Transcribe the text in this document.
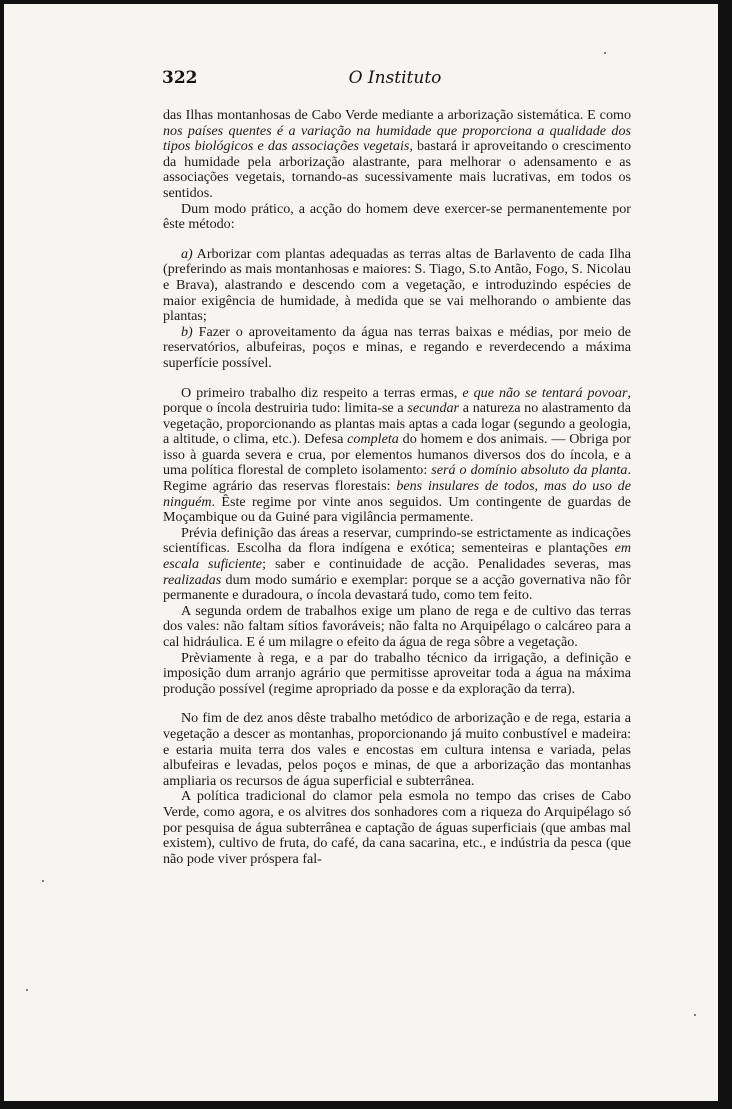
322	O Instituto

das Ilhas montanhosas de Cabo Verde mediante a arborização sistemática. E como nos países quentes é a variação na humidade que proporciona a qualidade dos tipos biológicos e das associações vegetais, bastará ir aproveitando o crescimento da humidade pela arborização alastrante, para melhorar o adensamento e as associações vegetais, tornando-as sucessivamente mais lucrativas, em todos os sentidos.

Dum modo prático, a acção do homem deve exercer-se permanentemente por êste método:

a) Arborizar com plantas adequadas as terras altas de Barlavento de cada Ilha (preferindo as mais montanhosas e maiores: S. Tiago, S.to Antão, Fogo, S. Nicolau e Brava), alastrando e descendo com a vegetação, e introduzindo espécies de maior exigência de humidade, à medida que se vai melhorando o ambiente das plantas;

b) Fazer o aproveitamento da água nas terras baixas e médias, por meio de reservatórios, albufeiras, poços e minas, e regando e reverdecendo a máxima superfície possível.

O primeiro trabalho diz respeito a terras ermas, e que não se tentará povoar, porque o íncola destruiria tudo: limita-se a secundar a natureza no alastramento da vegetação, proporcionando as plantas mais aptas a cada logar (segundo a geologia, a altitude, o clima, etc.). Defesa completa do homem e dos animais. — Obriga por isso à guarda severa e crua, por elementos humanos diversos dos do íncola, e a uma política florestal de completo isolamento: será o domínio absoluto da planta. Regime agrário das reservas florestais: bens insulares de todos, mas do uso de ninguém. Êste regime por vinte anos seguidos. Um contingente de guardas de Moçambique ou da Guiné para vigilância permamente.

Prévia definição das áreas a reservar, cumprindo-se estrictamente as indicações scientíficas. Escolha da flora indígena e exótica; sementeiras e plantações em escala suficiente; saber e continuidade de acção. Penalidades severas, mas realizadas dum modo sumário e exemplar: porque se a acção governativa não fôr permanente e duradoura, o íncola devastará tudo, como tem feito.

A segunda ordem de trabalhos exige um plano de rega e de cultivo das terras dos vales: não faltam sítios favoráveis; não falta no Arquipélago o calcáreo para a cal hidráulica. E é um milagre o efeito da água de rega sôbre a vegetação.

Prèviamente à rega, e a par do trabalho técnico da irrigação, a definição e imposição dum arranjo agrário que permitisse aproveitar toda a água na máxima produção possível (regime apropriado da posse e da exploração da terra).

No fim de dez anos dêste trabalho metódico de arborização e de rega, estaria a vegetação a descer as montanhas, proporcionando já muito conbustível e madeira: e estaria muita terra dos vales e encostas em cultura intensa e variada, pelas albufeiras e levadas, pelos poços e minas, de que a arborização das montanhas ampliaria os recursos de água superficial e subterrânea.

A política tradicional do clamor pela esmola no tempo das crises de Cabo Verde, como agora, e os alvitres dos sonhadores com a riqueza do Arquipélago só por pesquisa de água subterrânea e captação de águas superficiais (que ambas mal existem), cultivo de fruta, do café, da cana sacarina, etc., e indústria da pesca (que não pode viver próspera fal-
